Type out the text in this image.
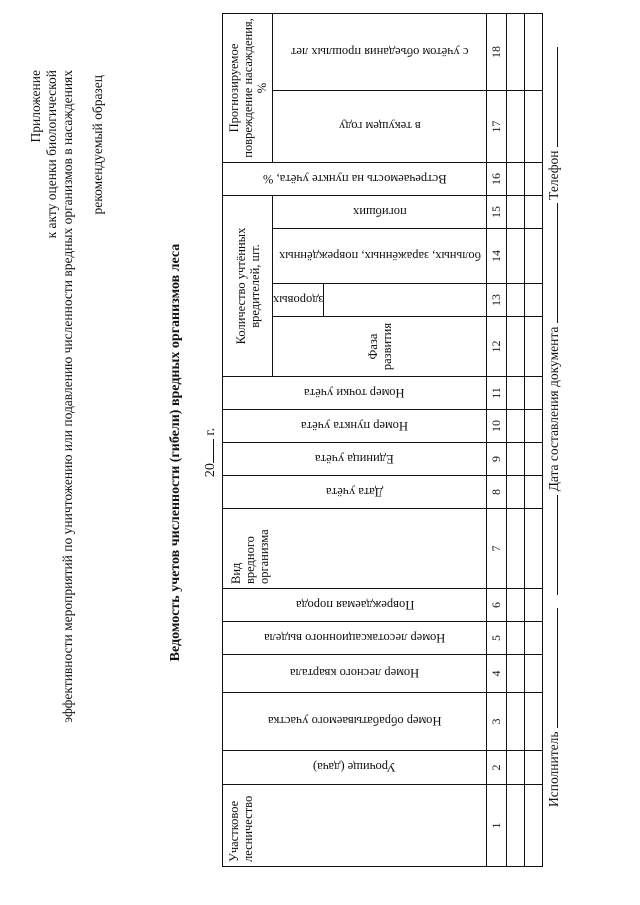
Приложение к акту оценки биологической эффективности мероприятий по уничтожению или подавлению численности вредных организмов в насаждениях рекомендуемый образец
Ведомость учетов численности (гибели) вредных организмов леса 20 г.
Участковое лесничество	Урочище (дача)	Номер обрабатываемого участка	Номер лесного квартала	Номер лесотаксационного выдела	Повреждаемая порода	Вид вредного организма	Дата учёта	Единица учёта	Номер пункта учёта	Номер точки учёта	Количество учтённых вредителей, шт.				Встречаемость на пункте учёта, %	Прогнозируемое повреждение насаждения, %	
											Фаза развития	здоровых	больных, заражённых, повреждённых	погибших		в текущем году	с учётом объедания прошлых лет

1	2	3	4	5	6	7	8	9	10	11	12	13	14	15	16	17	18

Исполнитель   Дата составления документа  Телефон
